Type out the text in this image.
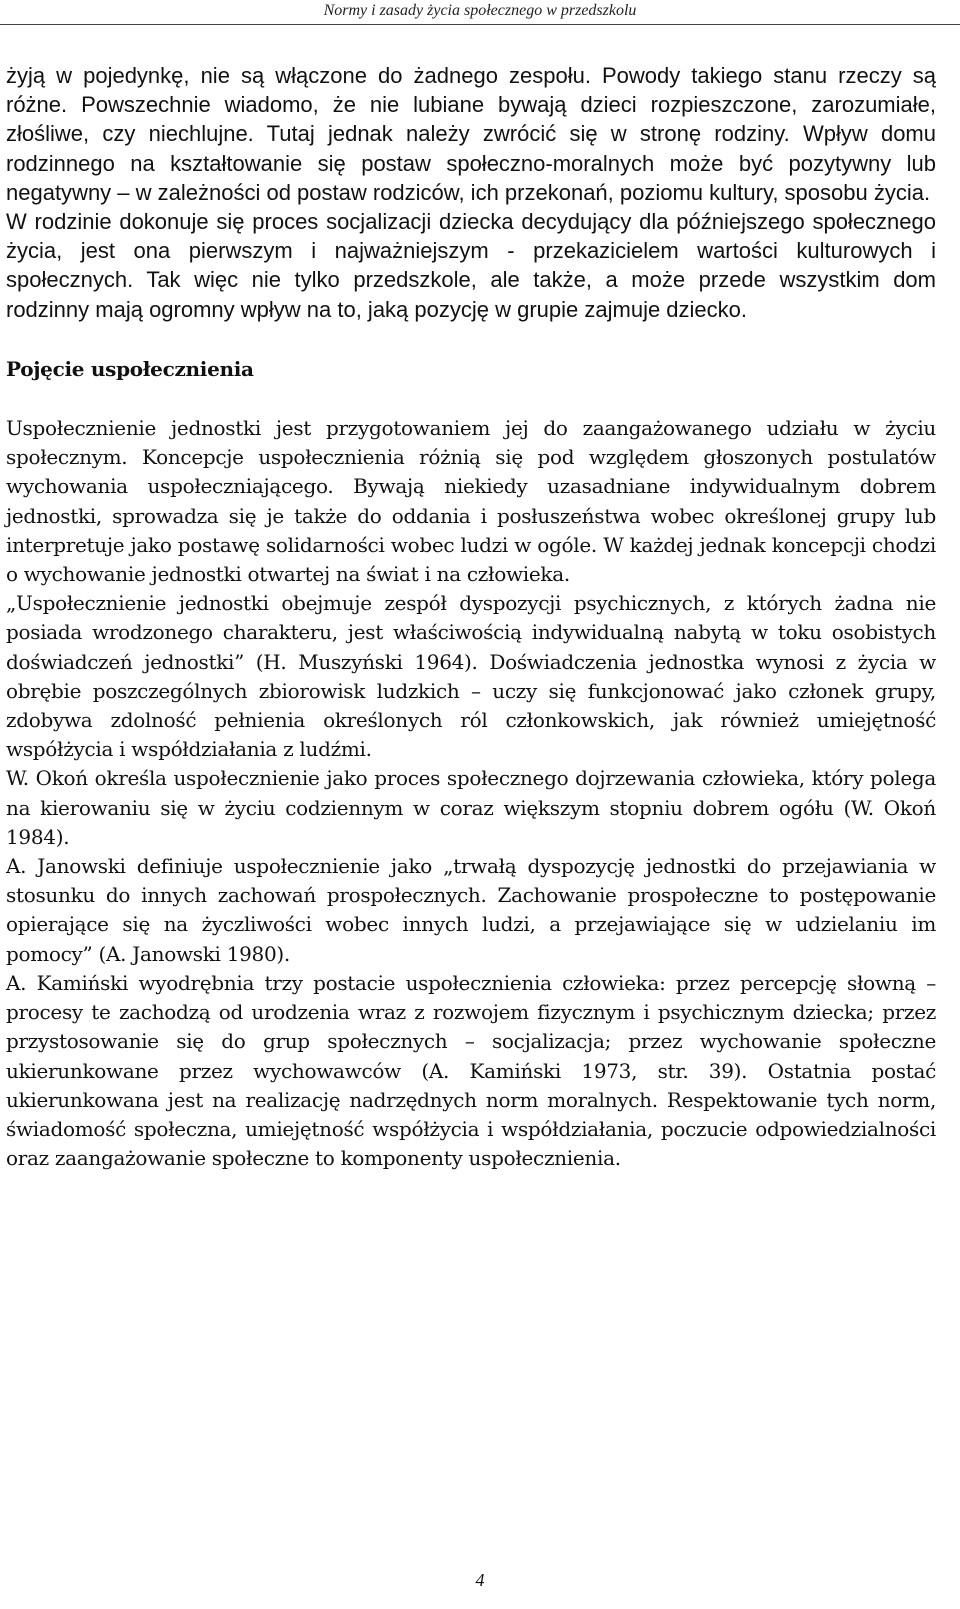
Normy i zasady życia społecznego w przedszkolu

żyją w pojedynkę, nie są włączone do żadnego zespołu. Powody takiego stanu rzeczy są różne. Powszechnie wiadomo, że nie lubiane bywają dzieci rozpieszczone, zarozumiałe, złośliwe, czy niechlujne. Tutaj jednak należy zwrócić się w stronę rodziny. Wpływ domu rodzinnego na kształtowanie się postaw społeczno-moralnych może być pozytywny lub negatywny – w zależności od postaw rodziców, ich przekonań, poziomu kultury, sposobu życia.

W rodzinie dokonuje się proces socjalizacji dziecka decydujący dla późniejszego społecznego życia, jest ona pierwszym i najważniejszym - przekazicielem wartości kulturowych i społecznych. Tak więc nie tylko przedszkole, ale także, a może przede wszystkim dom rodzinny mają ogromny wpływ na to, jaką pozycję w grupie zajmuje dziecko.

Pojęcie uspołecznienia

Uspołecznienie jednostki jest przygotowaniem jej do zaangażowanego udziału w życiu społecznym. Koncepcje uspołecznienia różnią się pod względem głoszonych postulatów wychowania uspołeczniającego. Bywają niekiedy uzasadniane indywidualnym dobrem jednostki, sprowadza się je także do oddania i posłuszeństwa wobec określonej grupy lub interpretuje jako postawę solidarności wobec ludzi w ogóle. W każdej jednak koncepcji chodzi o wychowanie jednostki otwartej na świat i na człowieka.

„Uspołecznienie jednostki obejmuje zespół dyspozycji psychicznych, z których żadna nie posiada wrodzonego charakteru, jest właściwością indywidualną nabytą w toku osobistych doświadczeń jednostki” (H. Muszyński 1964). Doświadczenia jednostka wynosi z życia w obrębie poszczególnych zbiorowisk ludzkich – uczy się funkcjonować jako członek grupy, zdobywa zdolność pełnienia określonych ról członkowskich, jak również umiejętność współżycia i współdziałania z ludźmi.

W. Okoń określa uspołecznienie jako proces społecznego dojrzewania człowieka, który polega na kierowaniu się w życiu codziennym w coraz większym stopniu dobrem ogółu (W. Okoń 1984).

A. Janowski definiuje uspołecznienie jako „trwałą dyspozycję jednostki do przejawiania w stosunku do innych zachowań prospołecznych. Zachowanie prospołeczne to postępowanie opierające się na życzliwości wobec innych ludzi, a przejawiające się w udzielaniu im pomocy” (A. Janowski 1980).

A. Kamiński wyodrębnia trzy postacie uspołecznienia człowieka: przez percepcję słowną – procesy te zachodzą od urodzenia wraz z rozwojem fizycznym i psychicznym dziecka; przez przystosowanie się do grup społecznych – socjalizacja; przez wychowanie społeczne ukierunkowane przez wychowawców (A. Kamiński 1973, str. 39). Ostatnia postać ukierunkowana jest na realizację nadrzędnych norm moralnych. Respektowanie tych norm, świadomość społeczna, umiejętność współżycia i współdziałania, poczucie odpowiedzialności oraz zaangażowanie społeczne to komponenty uspołecznienia.

4
